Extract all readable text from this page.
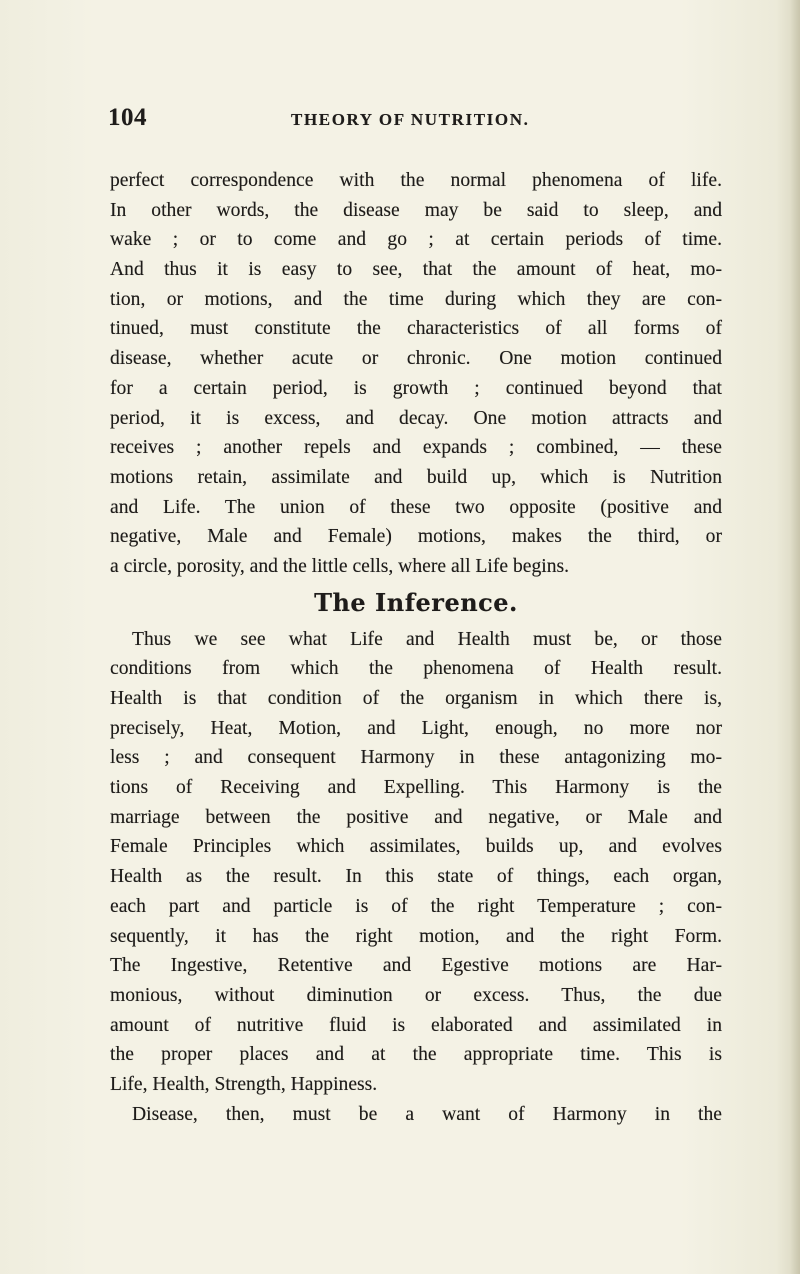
104	THEORY OF NUTRITION.
perfect correspondence with the normal phenomena of life.
In other words, the disease may be said to sleep, and
wake ; or to come and go ; at certain periods of time.
And thus it is easy to see, that the amount of heat, mo-
tion, or motions, and the time during which they are con-
tinued, must constitute the characteristics of all forms of
disease, whether acute or chronic. One motion continued
for a certain period, is growth ; continued beyond that
period, it is excess, and decay. One motion attracts and
receives ; another repels and expands ; combined, — these
motions retain, assimilate and build up, which is Nutrition
and Life. The union of these two opposite (positive and
negative, Male and Female) motions, makes the third, or
a circle, porosity, and the little cells, where all Life begins.
The Inference.
Thus we see what Life and Health must be, or those
conditions from which the phenomena of Health result.
Health is that condition of the organism in which there is,
precisely, Heat, Motion, and Light, enough, no more nor
less ; and consequent Harmony in these antagonizing mo-
tions of Receiving and Expelling. This Harmony is the
marriage between the positive and negative, or Male and
Female Principles which assimilates, builds up, and evolves
Health as the result. In this state of things, each organ,
each part and particle is of the right Temperature ; con-
sequently, it has the right motion, and the right Form.
The Ingestive, Retentive and Egestive motions are Har-
monious, without diminution or excess. Thus, the due
amount of nutritive fluid is elaborated and assimilated in
the proper places and at the appropriate time. This is
Life, Health, Strength, Happiness.
Disease, then, must be a want of Harmony in the
